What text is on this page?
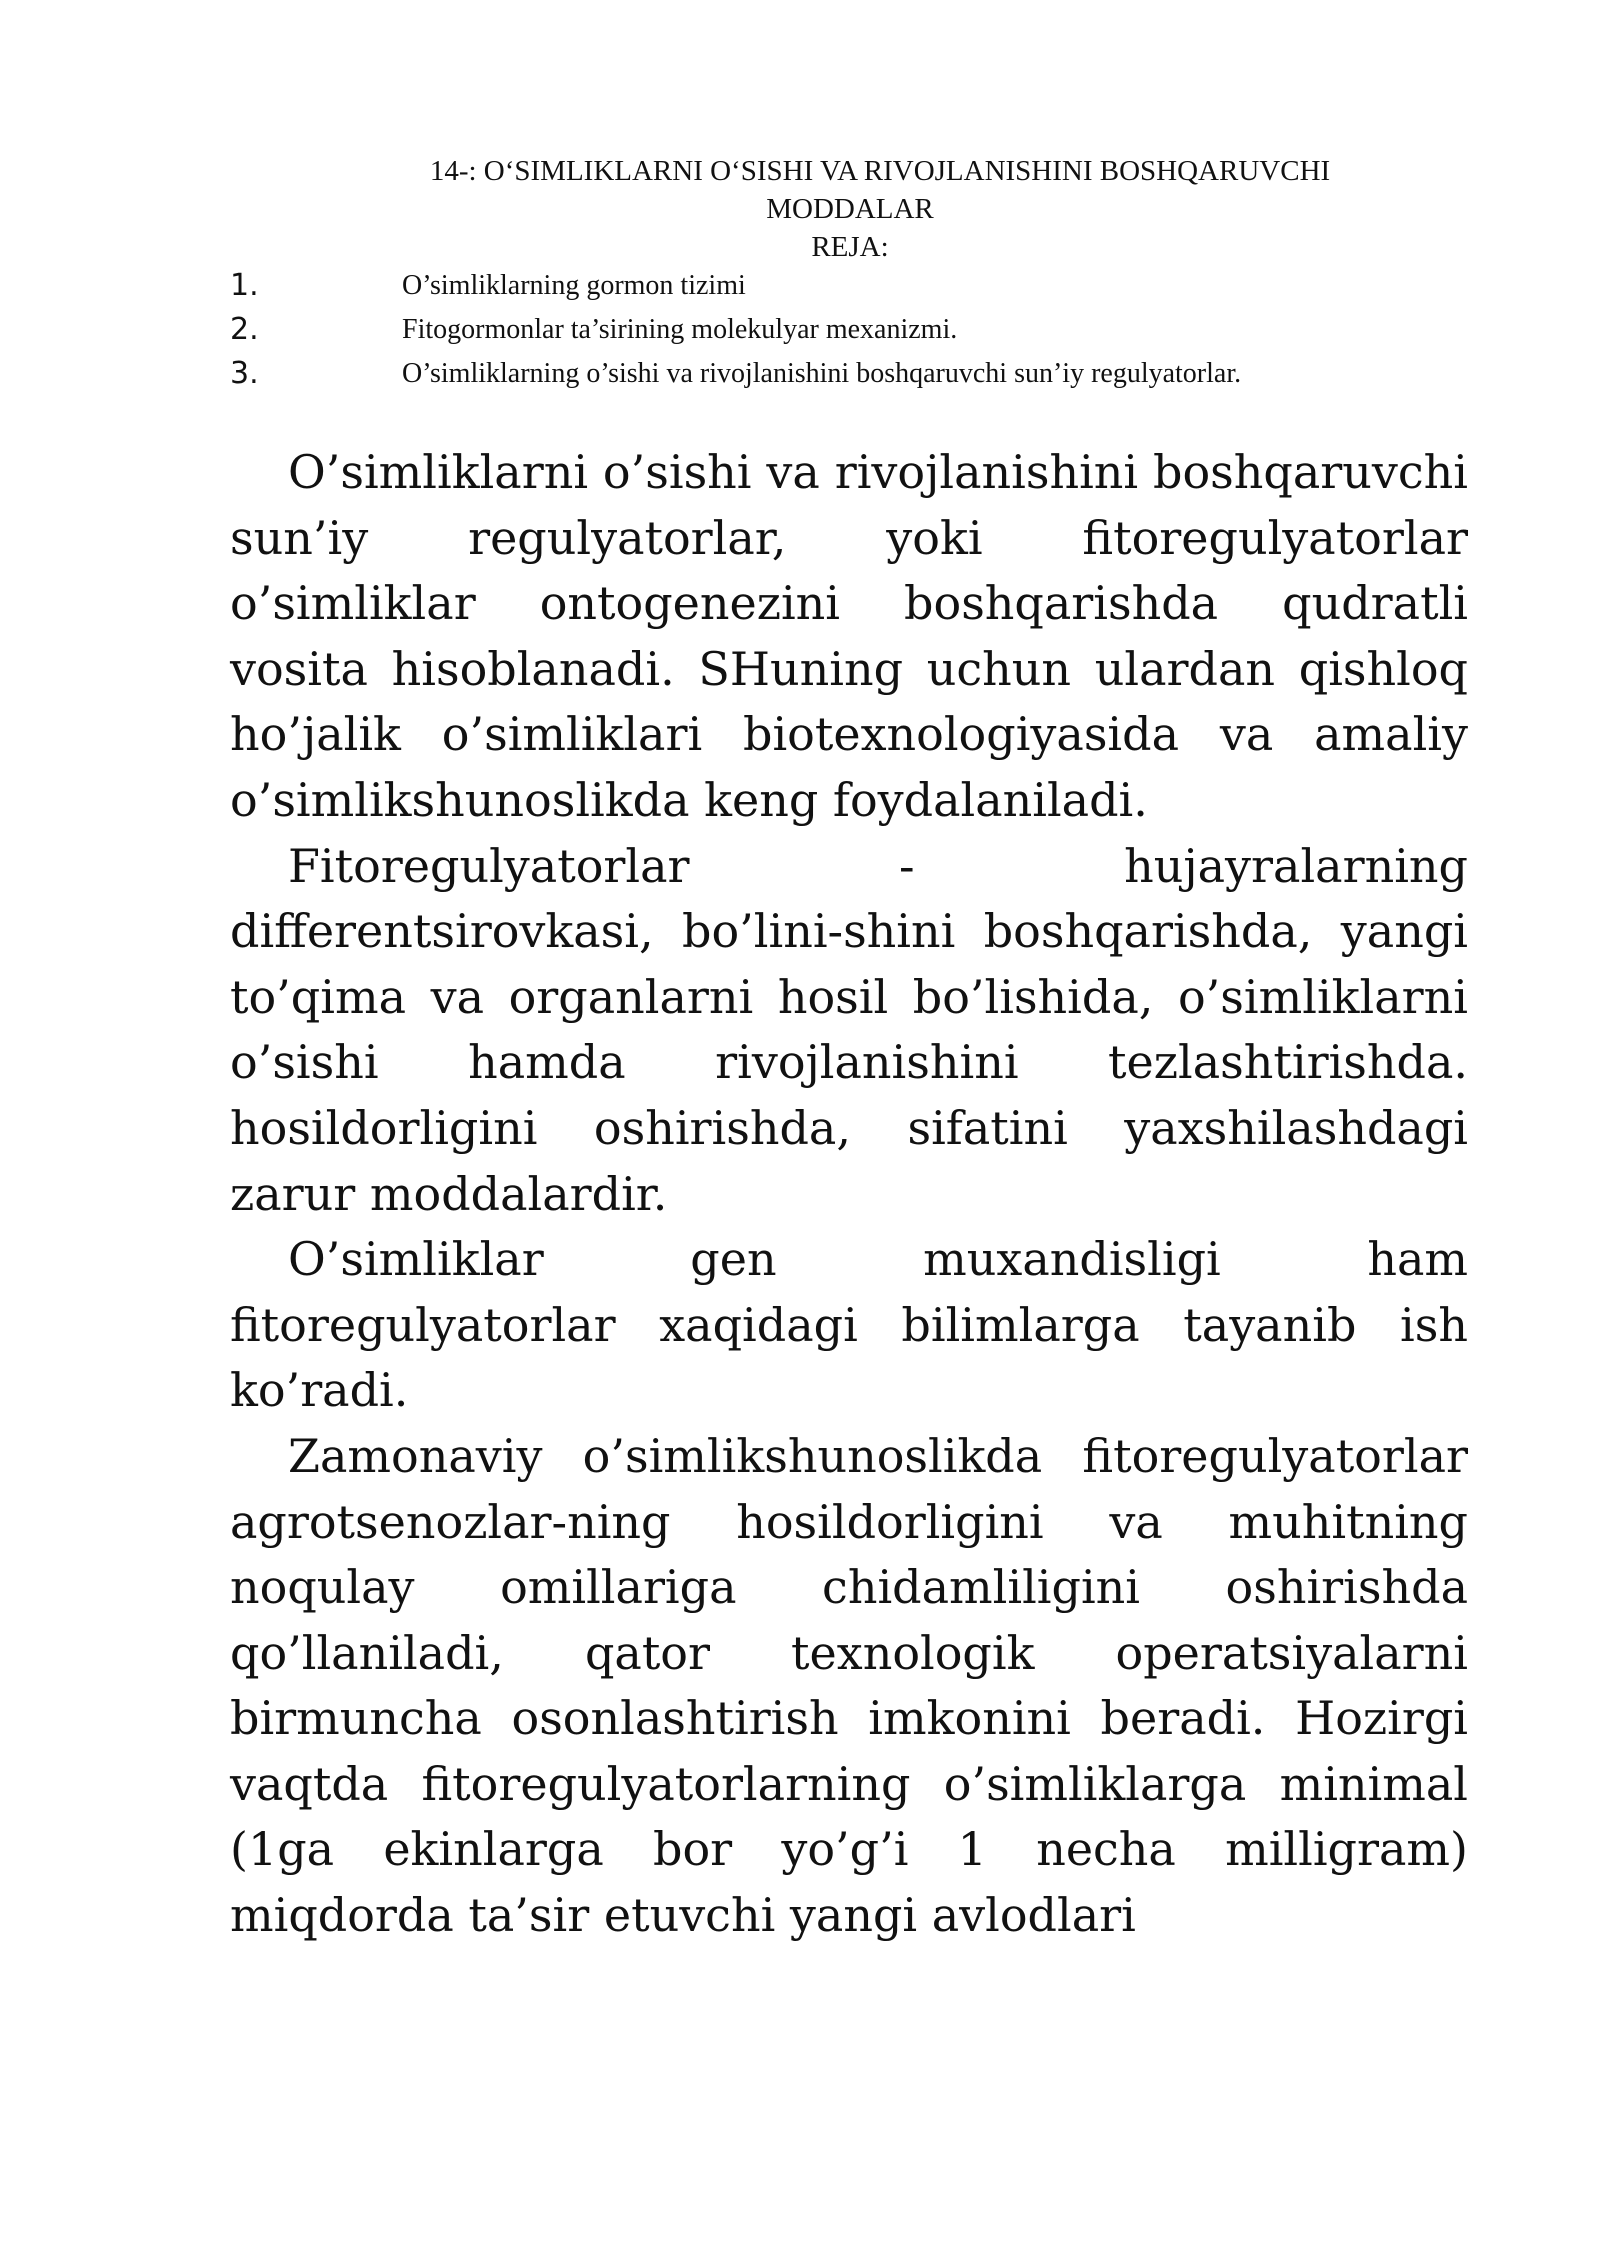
14-: O‘SIMLIKLARNI O‘SISHI VA RIVOJLANISHINI BOSHQARUVCHI
MODDALAR
REJA:
1.	O’simliklarning gormon tizimi
2.	Fitogormonlar ta’sirining molekulyar mexanizmi.
3.	O’simliklarning o’sishi va rivojlanishini boshqaruvchi sun’iy regulyatorlar.

O’simliklarni o’sishi va rivojlanishini boshqaruvchi sun’iy regulyatorlar, yoki fitoregulyatorlar o’simliklar ontogenezini boshqarishda qudratli vosita hisoblanadi. SHuning uchun ulardan qishloq ho’jalik o’simliklari biotexnologiyasida va amaliy o’simlikshunoslikda keng foydalaniladi.

Fitoregulyatorlar - hujayralarning differentsirovkasi, bo’lini-shini boshqarishda, yangi to’qima va organlarni hosil bo’lishida, o’simliklarni o’sishi hamda rivojlanishini tezlashtirishda. hosildorligini oshirishda, sifatini yaxshilashdagi zarur moddalardir.

O’simliklar gen muxandisligi ham fitoregulyatorlar xaqidagi bilimlarga tayanib ish ko’radi.

Zamonaviy o’simlikshunoslikda fitoregulyatorlar agrotsenozlar-ning hosildorligini va muhitning noqulay omillariga chidamliligini oshirishda qo’llaniladi, qator texnologik operatsiyalarni birmuncha osonlashtirish imkonini beradi. Hozirgi vaqtda fitoregulyatorlarning o’simliklarga minimal (1ga ekinlarga bor yo’g’i 1 necha milligram) miqdorda ta’sir etuvchi yangi avlodlari
